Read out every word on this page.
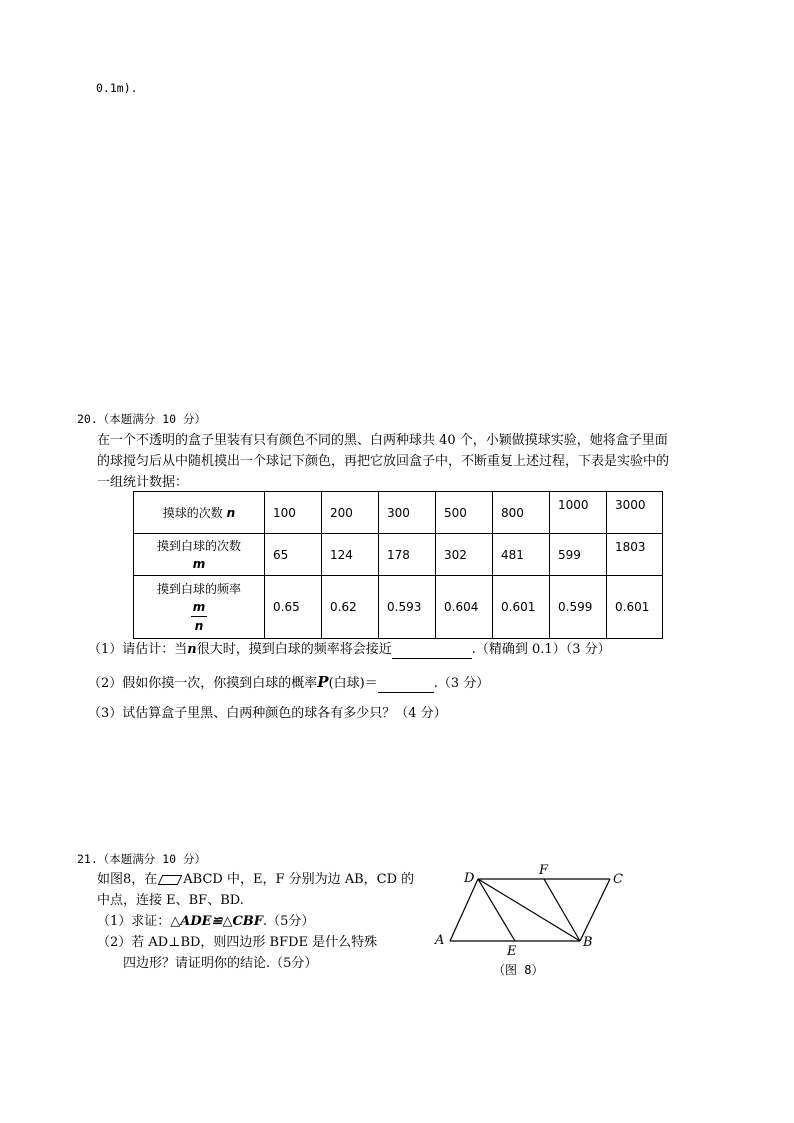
0.1m).
20.（本题满分 10 分）
在一个不透明的盒子里装有只有颜色不同的黑、白两种球共 40 个，小颖做摸球实验，她将盒子里面
的球搅匀后从中随机摸出一个球记下颜色，再把它放回盒子中，不断重复上述过程，下表是实验中的
一组统计数据：
摸球的次数 n	100	200	300	500	800	1000	3000
摸到白球的次数
m	65	124	178	302	481	599	1803
摸到白球的频率

$\frac{m}{n}$	0.65	0.62	0.593	0.604	0.601	0.599	0.601
（1）请估计：当n很大时，摸到白球的频率将会接近	.（精确到 0.1）（3 分）
（2）假如你摸一次，你摸到白球的概率P(白球)＝	.（3 分）
（3）试估算盒子里黑、白两种颜色的球各有多少只？（4 分）
21.（本题满分 10 分）
如图8，在 ABCD 中，E，F 分别为边 AB，CD 的
中点，连接 E、BF、BD.
（1）求证：△ADE≌△CBF.（5分）
（2）若 AD⊥BD，则四边形 BFDE 是什么特殊
四边形？请证明你的结论.（5分）
A	B
C
D
E
F
（图 8）
